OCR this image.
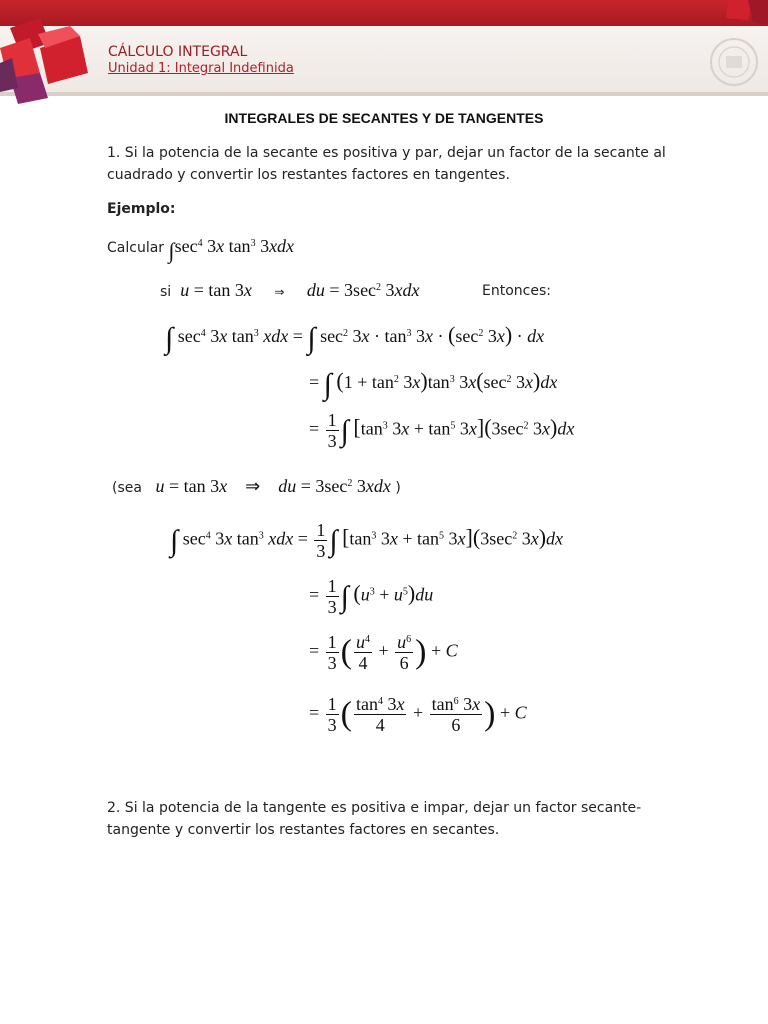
CÁLCULO INTEGRAL
Unidad 1: Integral Indefinida
INTEGRALES DE SECANTES Y DE TANGENTES
1. Si la potencia de la secante es positiva y par, dejar un factor de la secante al cuadrado y convertir los restantes factores en tangentes.
Ejemplo:
Calcular $\int\sec^4$ 3x $\tan^3 3xdx$
si u = tan 3x ⇒ du = $3\sec^2$ 3xdx	Entonces:
∫ $\sec^4 3x$ $\tan^3$ xdx = ∫ $\sec^2 3x \cdot \tan^3 3x \cdot (\sec^2$ 3x) · dx
= ∫ $(1 + \tan^2 3x)\tan^3$ $3x(\sec^2$ 3x)dx
= $\frac{1}{3}$ ∫ [$\tan^3$ $3x + \tan^5 3x](3\sec^2$ 3x)dx
(sea u = tan 3x    ⇒    du = $3\sec^2$ 3xdx )
∫ $\sec^4 3x$ $\tan^3$ xdx = $\frac{1}{3}$ ∫ [$\tan^3$ $3x + \tan^5 3x](3\sec^2$ 3x)dx
= $\frac{1}{3}$ ∫ $(u^3 + u^5)du$
= $\frac{1}{3}$ ( $\frac{u^4}{4} + \frac{u^6}{6}$ ) + C
= $\frac{1}{3}$ ( $\frac{\tan^4 3x}{4} + \frac{\tan^6 3x}{6}$ ) + C
2. Si la potencia de la tangente es positiva e impar, dejar un factor secante-tangente y convertir los restantes factores en secantes.
